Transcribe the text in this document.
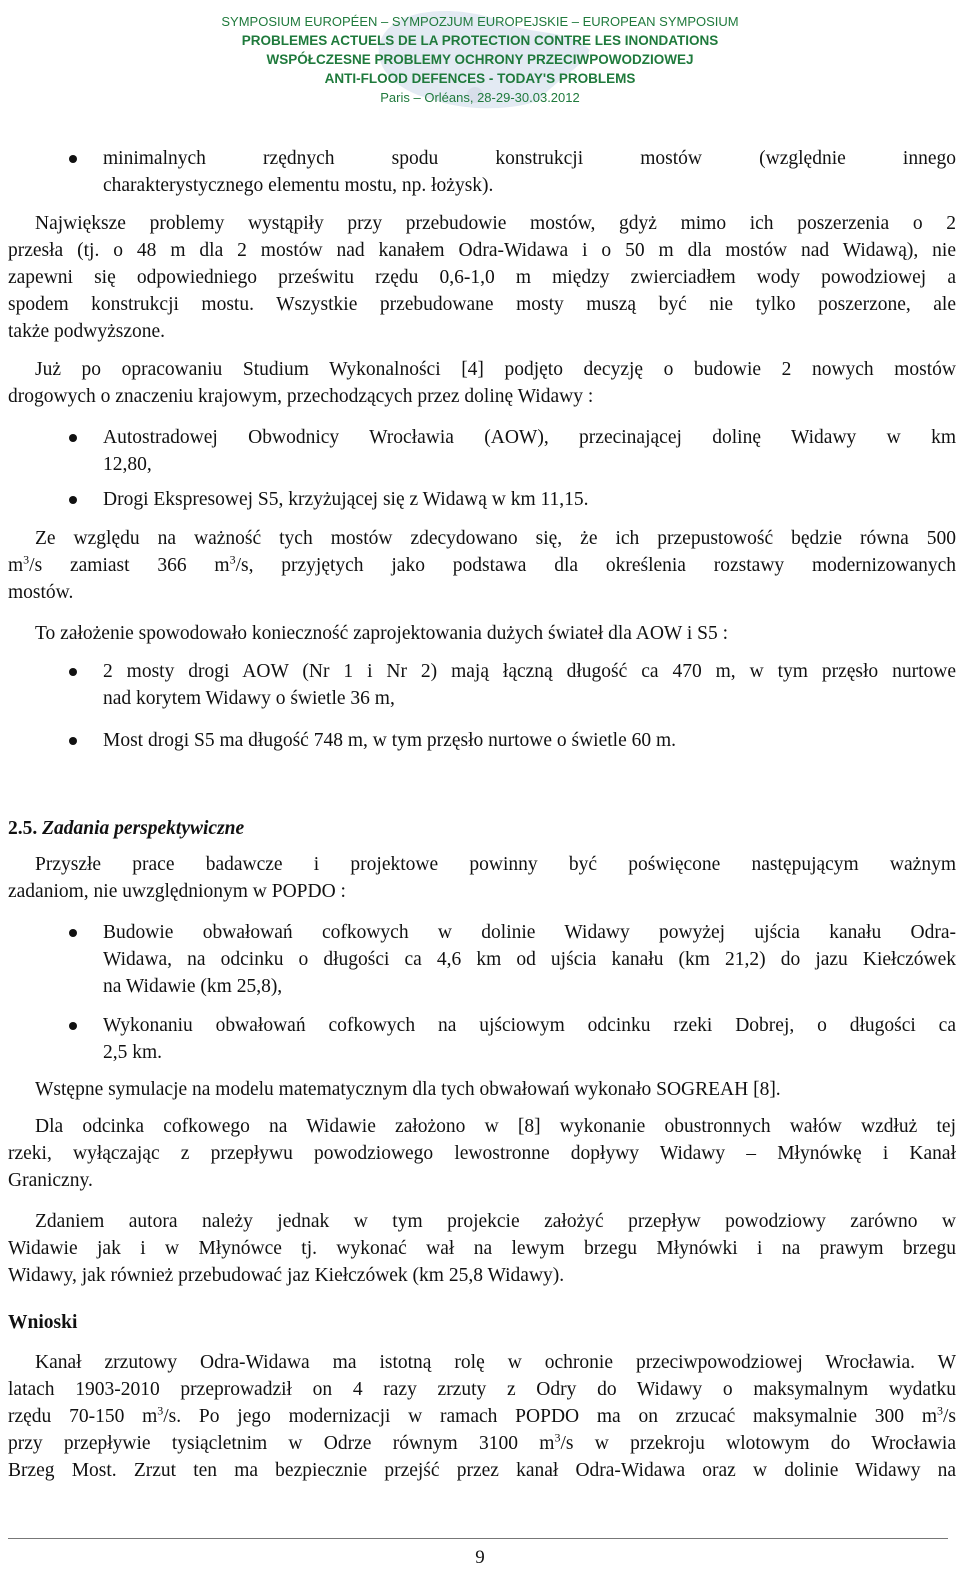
SYMPOSIUM EUROPÉEN – SYMPOZJUM EUROPEJSKIE – EUROPEAN SYMPOSIUM
PROBLEMES ACTUELS DE LA PROTECTION CONTRE LES INONDATIONS
WSPÓŁCZESNE PROBLEMY OCHRONY PRZECIWPOWODZIOWEJ
ANTI-FLOOD DEFENCES - TODAY'S PROBLEMS
Paris – Orléans, 28-29-30.03.2012
minimalnych rzędnych spodu konstrukcji mostów (względnie innego
charakterystycznego elementu mostu, np. łożysk).
Największe problemy wystąpiły przy przebudowie mostów, gdyż mimo ich poszerzenia o 2
przesła (tj. o 48 m dla 2 mostów nad kanałem Odra-Widawa i o 50 m dla mostów nad Widawą), nie
zapewni się odpowiedniego prześwitu rzędu 0,6-1,0 m między zwierciadłem wody powodziowej a
spodem konstrukcji mostu. Wszystkie przebudowane mosty muszą być nie tylko poszerzone, ale
także podwyższone.
Już po opracowaniu Studium Wykonalności [4] podjęto decyzję o budowie 2 nowych mostów
drogowych o znaczeniu krajowym, przechodzących przez dolinę Widawy :
Autostradowej Obwodnicy Wrocławia (AOW), przecinającej dolinę Widawy w km
12,80,
Drogi Ekspresowej S5, krzyżującej się z Widawą w km 11,15.
Ze względu na ważność tych mostów zdecydowano się, że ich przepustowość będzie równa 500
$m^3/s$ zamiast 366 $m^3/s$, przyjętych jako podstawa dla określenia rozstawy modernizowanych
mostów.
To założenie spowodowało konieczność zaprojektowania dużych świateł dla AOW i S5 :
2 mosty drogi AOW (Nr 1 i Nr 2) mają łączną długość ca 470 m, w tym przęsło nurtowe
nad korytem Widawy o świetle 36 m,
Most drogi S5 ma długość 748 m, w tym przęsło nurtowe o świetle 60 m.
2.5. Zadania perspektywiczne
Przyszłe prace badawcze i projektowe powinny być poświęcone następującym ważnym
zadaniom, nie uwzględnionym w POPDO :
Budowie obwałowań cofkowych w dolinie Widawy powyżej ujścia kanału Odra-
Widawa, na odcinku o długości ca 4,6 km od ujścia kanału (km 21,2) do jazu Kiełczówek
na Widawie (km 25,8),
Wykonaniu obwałowań cofkowych na ujściowym odcinku rzeki Dobrej, o długości ca
2,5 km.
Wstępne symulacje na modelu matematycznym dla tych obwałowań wykonało SOGREAH [8].
Dla odcinka cofkowego na Widawie założono w [8] wykonanie obustronnych wałów wzdłuż tej
rzeki, wyłączając z przepływu powodziowego lewostronne dopływy Widawy – Młynówkę i Kanał
Graniczny.
Zdaniem autora należy jednak w tym projekcie założyć przepływ powodziowy zarówno w
Widawie jak i w Młynówce tj. wykonać wał na lewym brzegu Młynówki i na prawym brzegu
Widawy, jak również przebudować jaz Kiełczówek (km 25,8 Widawy).
Wnioski
Kanał zrzutowy Odra-Widawa ma istotną rolę w ochronie przeciwpowodziowej Wrocławia. W
latach 1903-2010 przeprowadził on 4 razy zrzuty z Odry do Widawy o maksymalnym wydatku
rzędu 70-150 $m^3/s$. Po jego modernizacji w ramach POPDO ma on zrzucać maksymalnie 300 $m^3/s$
przy przepływie tysiącletnim w Odrze równym 3100 $m^3/s$ w przekroju wlotowym do Wrocławia
Brzeg Most. Zrzut ten ma bezpiecznie przejść przez kanał Odra-Widawa oraz w dolinie Widawy na
9
